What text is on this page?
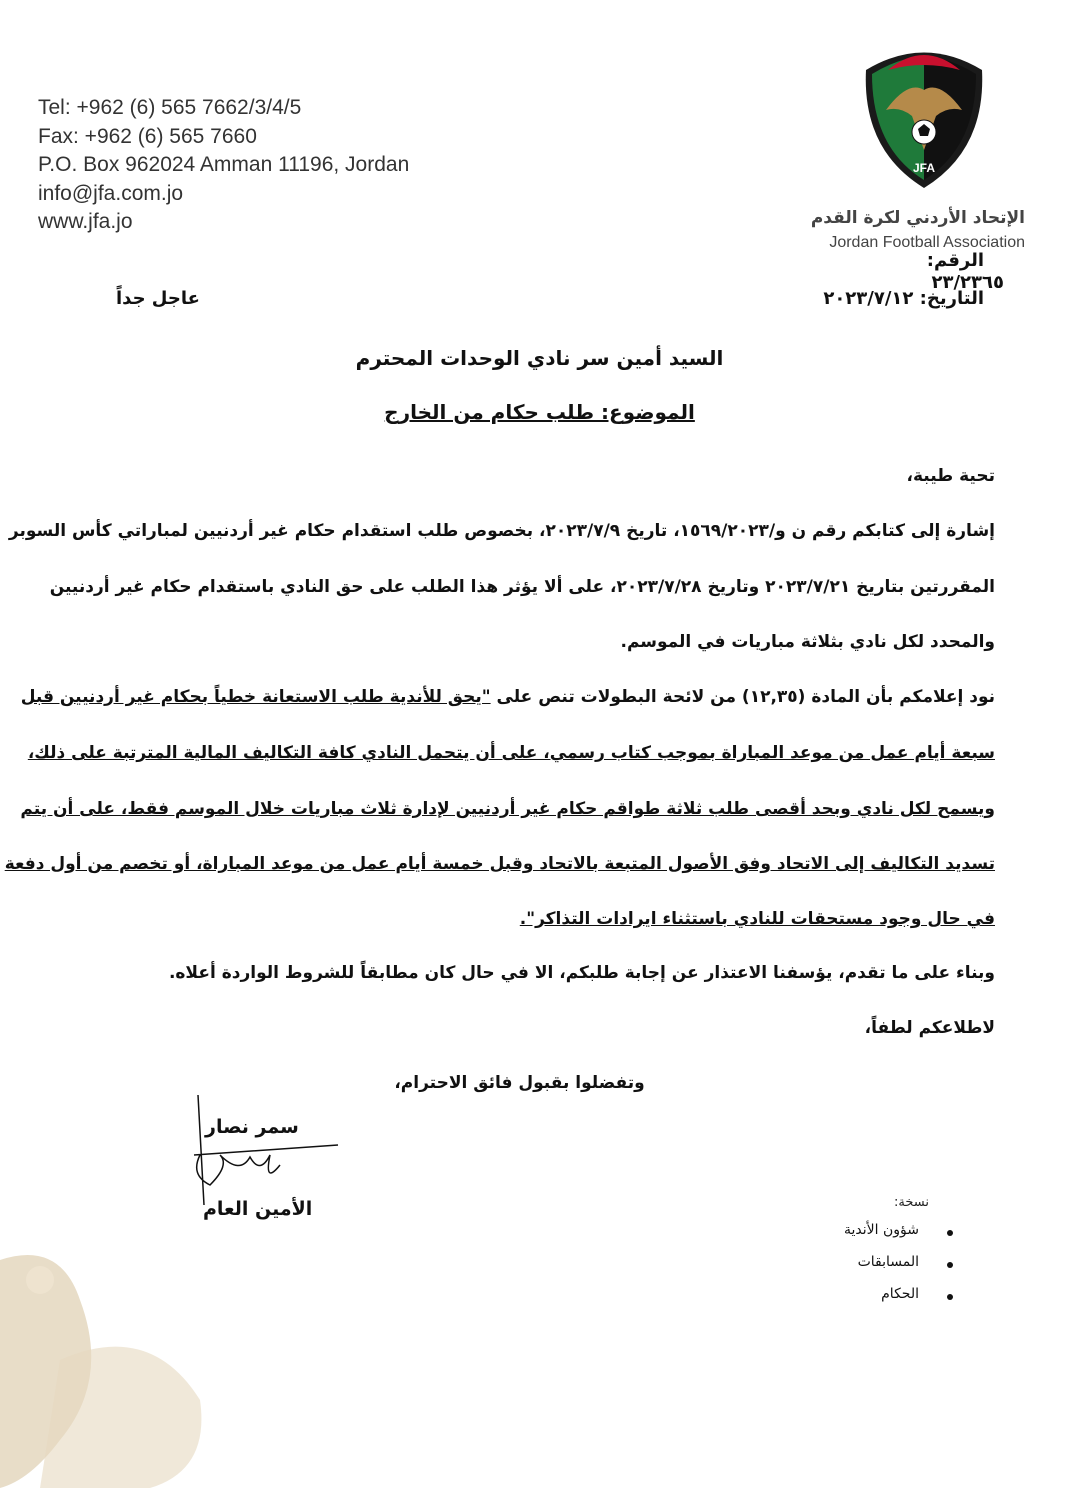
Tel: +962 (6) 565 7662/3/4/5
Fax: +962 (6) 565 7660
P.O. Box 962024 Amman 11196, Jordan
info@jfa.com.jo
www.jfa.jo
JFA
الإتحاد الأردني لكرة القدم
Jordan Football Association
الرقم:
٢٣/٢٣٦٥
التاريخ: ٢٠٢٣/٧/١٢
عاجل جداً
السيد أمين سر نادي الوحدات المحترم
الموضوع: طلب حكام من الخارج
تحية طيبة،
إشارة إلى كتابكم رقم ن و/١٥٦٩/٢٠٢٣، تاريخ ٢٠٢٣/٧/٩، بخصوص طلب استقدام حكام غير أردنيين لمباراتي كأس السوبر
المقررتين بتاريخ ٢٠٢٣/٧/٢١ وتاريخ ٢٠٢٣/٧/٢٨، على ألا يؤثر هذا الطلب على حق النادي باستقدام حكام غير أردنيين
والمحدد لكل نادي بثلاثة مباريات في الموسم.
نود إعلامكم بأن المادة (١٢,٣٥) من لائحة البطولات تنص على "يحق للأندية طلب الاستعانة خطياً بحكام غير أردنيين قبل
سبعة أيام عمل من موعد المباراة بموجب كتاب رسمي، على أن يتحمل النادي كافة التكاليف المالية المترتبة على ذلك،
ويسمح لكل نادي وبحد أقصى طلب ثلاثة طواقم حكام غير أردنيين لإدارة ثلاث مباريات خلال الموسم فقط، على أن يتم
تسديد التكاليف إلى الاتحاد وفق الأصول المتبعة بالاتحاد وقبل خمسة أيام عمل من موعد المباراة، أو تخصم من أول دفعة
في حال وجود مستحقات للنادي باستثناء ايرادات التذاكر".
وبناء على ما تقدم، يؤسفنا الاعتذار عن إجابة طلبكم، الا في حال كان مطابقاً للشروط الواردة أعلاه.
لاطلاعكم لطفاً،
وتفضلوا بقبول فائق الاحترام،
سمر نصار
الأمين العام	نسخة:
شؤون الأندية
المسابقات
الحكام
